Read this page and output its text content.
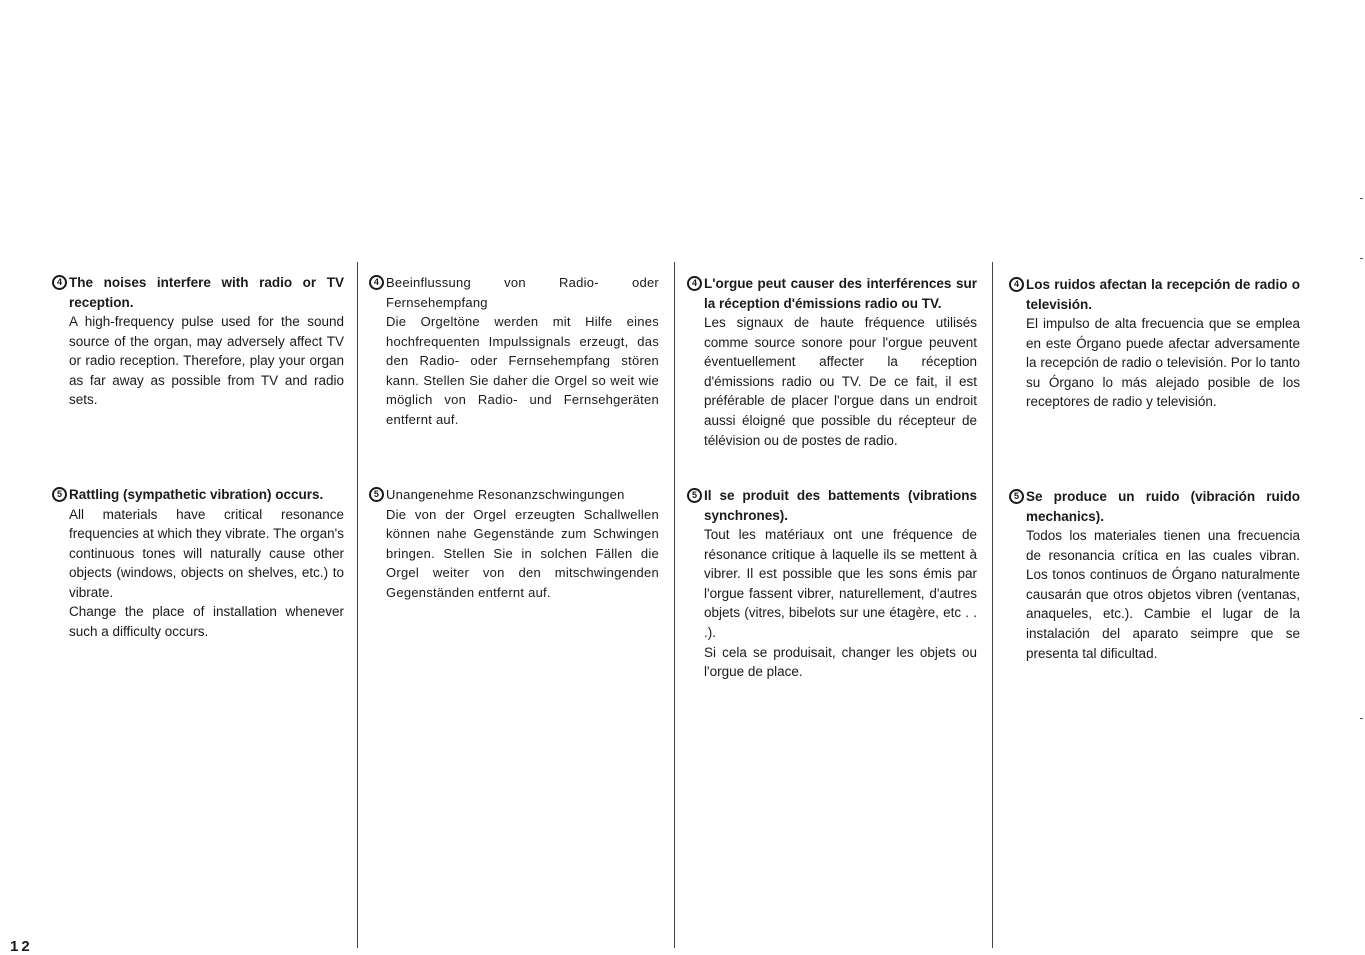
4 The noises interfere with radio or TV reception.

A high-frequency pulse used for the sound source of the organ, may adversely affect TV or radio reception. Therefore, play your organ as far away as possible from TV and radio sets.

5 Rattling (sympathetic vibration) occurs.

All materials have critical resonance frequencies at which they vibrate. The organ's continuous tones will naturally cause other objects (windows, objects on shelves, etc.) to vibrate.

Change the place of installation whenever such a difficulty occurs.

4 Beeinflussung von Radio- oder Fernsehempfang

Die Orgeltöne werden mit Hilfe eines hochfrequenten Impulssignals erzeugt, das den Radio- oder Fernsehempfang stören kann. Stellen Sie daher die Orgel so weit wie möglich von Radio- und Fernsehgeräten entfernt auf.

5 Unangenehme Resonanzschwingungen

Die von der Orgel erzeugten Schallwellen können nahe Gegenstände zum Schwingen bringen. Stellen Sie in solchen Fällen die Orgel weiter von den mitschwingenden Gegenständen entfernt auf.

4 L'orgue peut causer des interférences sur la réception d'émissions radio ou TV.

Les signaux de haute fréquence utilisés comme source sonore pour l'orgue peuvent éventuellement affecter la réception d'émissions radio ou TV. De ce fait, il est préférable de placer l'orgue dans un endroit aussi éloigné que possible du récepteur de télévision ou de postes de radio.

5 Il se produit des battements (vibrations synchrones).

Tout les matériaux ont une fréquence de résonance critique à laquelle ils se mettent à vibrer. Il est possible que les sons émis par l'orgue fassent vibrer, naturellement, d'autres objets (vitres, bibelots sur une étagère, etc . . .).

Si cela se produisait, changer les objets ou l'orgue de place.

4 Los ruidos afectan la recepción de radio o televisión.

El impulso de alta frecuencia que se emplea en este Órgano puede afectar adversamente la recepción de radio o televisión. Por lo tanto su Órgano lo más alejado posible de los receptores de radio y televisión.

5 Se produce un ruido (vibración ruido mechanics).

Todos los materiales tienen una frecuencia de resonancia crítica en las cuales vibran. Los tonos continuos de Órgano naturalmente causarán que otros objetos vibren (ventanas, anaqueles, etc.). Cambie el lugar de la instalación del aparato seimpre que se presenta tal dificultad.

12
